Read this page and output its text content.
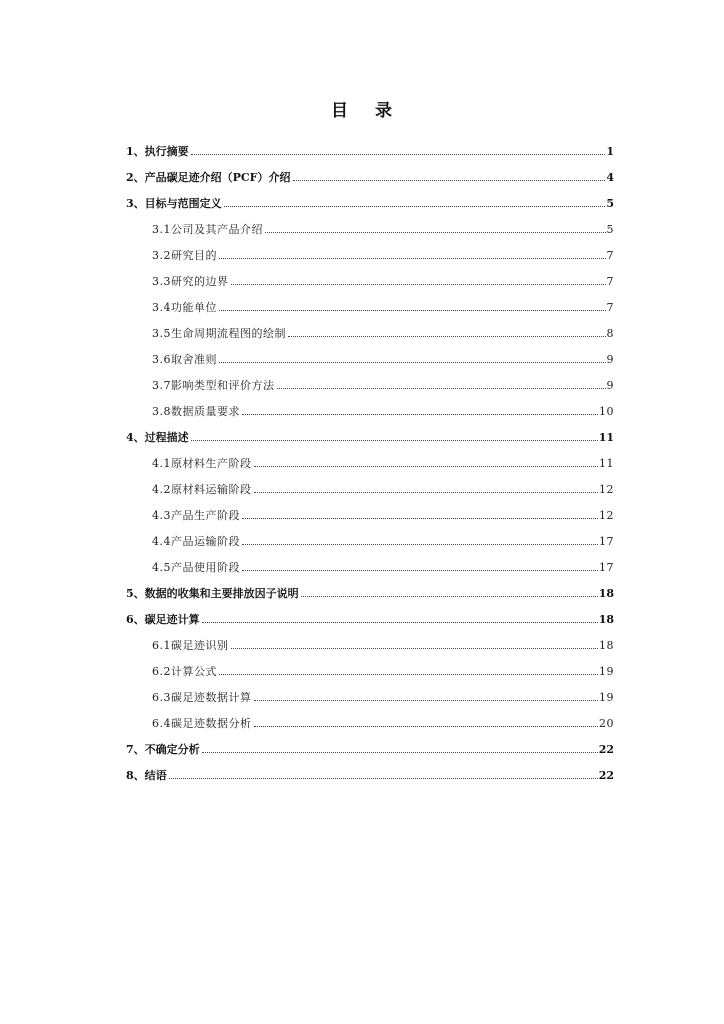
目 录
1、 执行摘要	1
2、 产品碳足迹介绍（PCF）介绍	4
3、 目标与范围定义	5
3.1 公司及其产品介绍	5
3.2 研究目的	7
3.3 研究的边界	7
3.4 功能单位	7
3.5 生命周期流程图的绘制	8
3.6 取舍准则	9
3.7 影响类型和评价方法	9
3.8 数据质量要求	10
4、 过程描述	11
4.1 原材料生产阶段	11
4.2 原材料运输阶段	12
4.3 产品生产阶段	12
4.4 产品运输阶段	17
4.5 产品使用阶段	17
5、 数据的收集和主要排放因子说明	18
6、 碳足迹计算	18
6.1 碳足迹识别	18
6.2 计算公式	19
6.3 碳足迹数据计算	19
6.4 碳足迹数据分析	20
7、 不确定分析	22
8、 结语	22
